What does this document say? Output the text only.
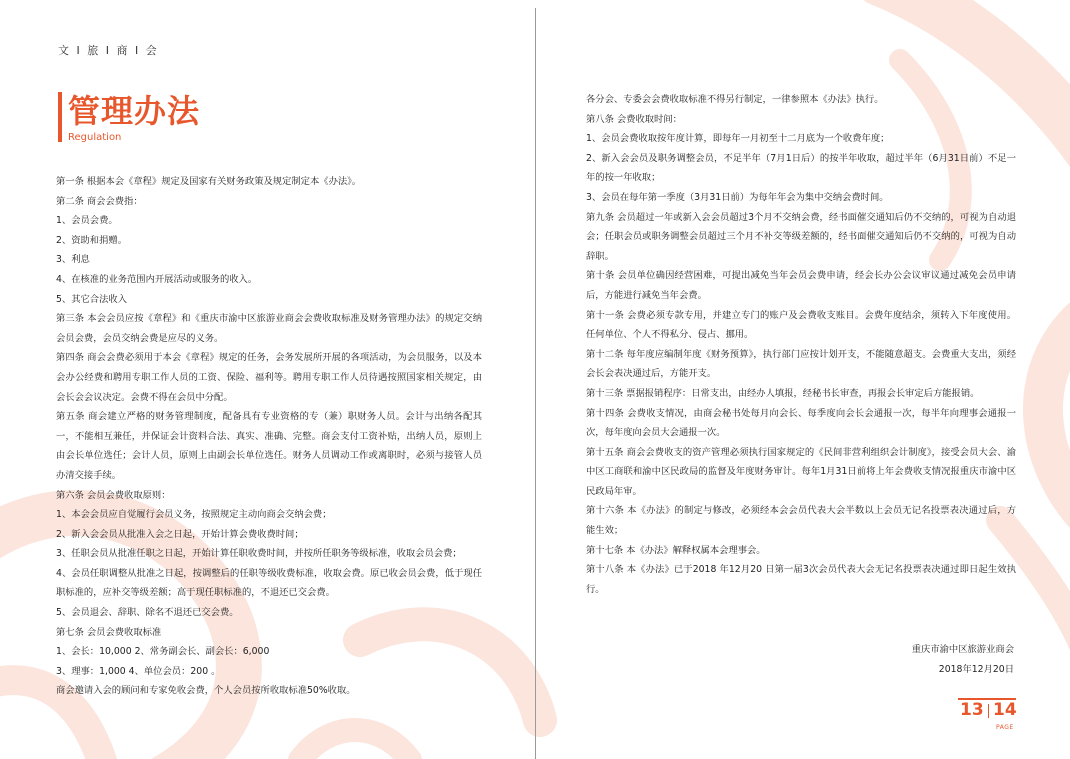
文 I 旅 I 商 I 会
管理办法
Regulation

第一条 根据本会《章程》规定及国家有关财务政策及规定制定本《办法》。

第二条 商会会费指：

1、会员会费。

2、资助和捐赠。

3、利息

4、在核准的业务范围内开展活动或服务的收入。

5、其它合法收入

第三条 本会会员应按《章程》和《重庆市渝中区旅游业商会会费收取标准及财务管理办法》的规定交纳会员会费，会员交纳会费是应尽的义务。

第四条 商会会费必须用于本会《章程》规定的任务，会务发展所开展的各项活动，为会员服务，以及本会办公经费和聘用专职工作人员的工资、保险、福利等。聘用专职工作人员待遇按照国家相关规定，由会长会会议决定。会费不得在会员中分配。

第五条 商会建立严格的财务管理制度，配备具有专业资格的专（兼）职财务人员。会计与出纳各配其一，不能相互兼任，并保证会计资料合法、真实、准确、完整。商会支付工资补贴，出纳人员，原则上由会长单位选任；会计人员，原则上由副会长单位选任。财务人员调动工作或离职时，必须与接管人员办清交接手续。

第六条 会员会费收取原则：

1、本会会员应自觉履行会员义务，按照规定主动向商会交纳会费；

2、新入会会员从批准入会之日起，开始计算会费收费时间；

3、任职会员从批准任职之日起，开始计算任职收费时间，并按所任职务等级标准，收取会员会费；

4、会员任职调整从批准之日起，按调整后的任职等级收费标准，收取会费。原已收会员会费，低于现任职标准的，应补交等级差额；高于现任职标准的，不退还已交会费。

5、会员退会、辞职、除名不退还已交会费。

第七条 会员会费收取标准

1、会长：10,000 2、常务副会长、副会长：6,000

3、理事：1,000 4、单位会员：200 。

商会邀请入会的顾问和专家免收会费，个人会员按所收取标准50%收取。

各分会、专委会会费收取标准不得另行制定，一律参照本《办法》执行。

第八条 会费收取时间：

1、会员会费收取按年度计算，即每年一月初至十二月底为一个收费年度；

2、新入会会员及职务调整会员，不足半年（7月1日后）的按半年收取，超过半年（6月31日前）不足一年的按一年收取；

3、会员在每年第一季度（3月31日前）为每年年会为集中交纳会费时间。

第九条 会员超过一年或新入会会员超过3个月不交纳会费，经书面催交通知后仍不交纳的，可视为自动退会；任职会员或职务调整会员超过三个月不补交等级差额的，经书面催交通知后仍不交纳的，可视为自动辞职。

第十条 会员单位确因经营困难，可提出减免当年会员会费申请，经会长办公会议审议通过减免会员申请后，方能进行减免当年会费。

第十一条 会费必须专款专用，并建立专门的账户及会费收支账目。会费年度结余，须转入下年度使用。任何单位、个人不得私分、侵占、挪用。

第十二条 每年度应编制年度《财务预算》，执行部门应按计划开支，不能随意超支。会费重大支出，须经会长会表决通过后，方能开支。

第十三条 票据报销程序：日常支出，由经办人填报，经秘书长审查，再报会长审定后方能报销。

第十四条 会费收支情况，由商会秘书处每月向会长、每季度向会长会通报一次，每半年向理事会通报一次，每年度向会员大会通报一次。

第十五条 商会会费收支的资产管理必须执行国家规定的《民间非营利组织会计制度》，接受会员大会、渝中区工商联和渝中区民政局的监督及年度财务审计。每年1月31日前将上年会费收支情况报重庆市渝中区民政局年审。

第十六条 本《办法》的制定与修改，必须经本会会员代表大会半数以上会员无记名投票表决通过后，方能生效；

第十七条 本《办法》解释权属本会理事会。

第十八条 本《办法》已于2018 年12月20 日第一届3次会员代表大会无记名投票表决通过即日起生效执行。

重庆市渝中区旅游业商会
2018年12月20日
13 14
PAGE
